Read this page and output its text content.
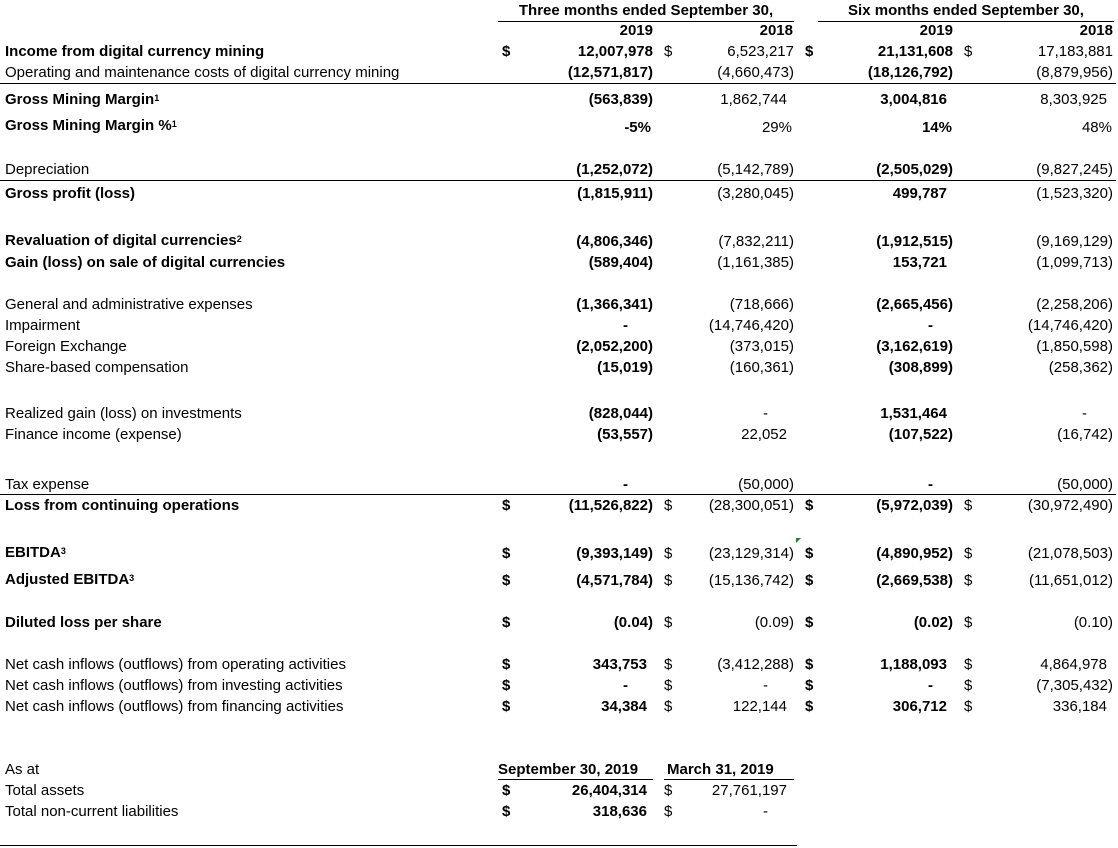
Three months ended September 30,	Six months ended September 30,
2019	2018	2019	2018
Income from digital currency mining	$	12,007,978 $	6,523,217 $	21,131,608 $	17,183,881
Operating and maintenance costs of digital currency mining	(12,571,817)	(4,660,473)	(18,126,792)	(8,879,956)
Gross Mining Margin$^1$	(563,839)	1,862,744	3,004,816	8,303,925
Gross Mining Margin %$^1$	-5%	29%	14%	48%
Depreciation	(1,252,072)	(5,142,789)	(2,505,029)	(9,827,245)
Gross profit (loss)	(1,815,911)	(3,280,045)	499,787	(1,523,320)
Revaluation of digital currencies$^2$	(4,806,346)	(7,832,211)	(1,912,515)	(9,169,129)
Gain (loss) on sale of digital currencies	(589,404)	(1,161,385)	153,721	(1,099,713)
General and administrative expenses	(1,366,341)	(718,666)	(2,665,456)	(2,258,206)
Impairment	-	(14,746,420)	-	(14,746,420)
Foreign Exchange	(2,052,200)	(373,015)	(3,162,619)	(1,850,598)
Share-based compensation	(15,019)	(160,361)	(308,899)	(258,362)
Realized gain (loss) on investments	(828,044)	-	1,531,464	-
Finance income (expense)	(53,557)	22,052	(107,522)	(16,742)
Tax expense	-	(50,000)	-	(50,000)
Loss from continuing operations	$	(11,526,822) $	(28,300,051) $	(5,972,039) $	(30,972,490)
EBITDA$^3$	$	(9,393,149) $	(23,129,314) $	(4,890,952) $	(21,078,503)
Adjusted EBITDA$^3$	$	(4,571,784) $	(15,136,742) $	(2,669,538) $	(11,651,012)
Diluted loss per share	$	(0.04) $	(0.09) $	(0.02) $	(0.10)
Net cash inflows (outflows) from operating activities	$	343,753 $	(3,412,288) $	1,188,093 $	4,864,978
Net cash inflows (outflows) from investing activities	$	- $	- $	- $	(7,305,432)
Net cash inflows (outflows) from financing activities	$	34,384 $	122,144 $	306,712 $	336,184
As at	September 30, 2019 March 31, 2019
Total assets	$	26,404,314 $	27,761,197
Total non-current liabilities	$	318,636 $	-
